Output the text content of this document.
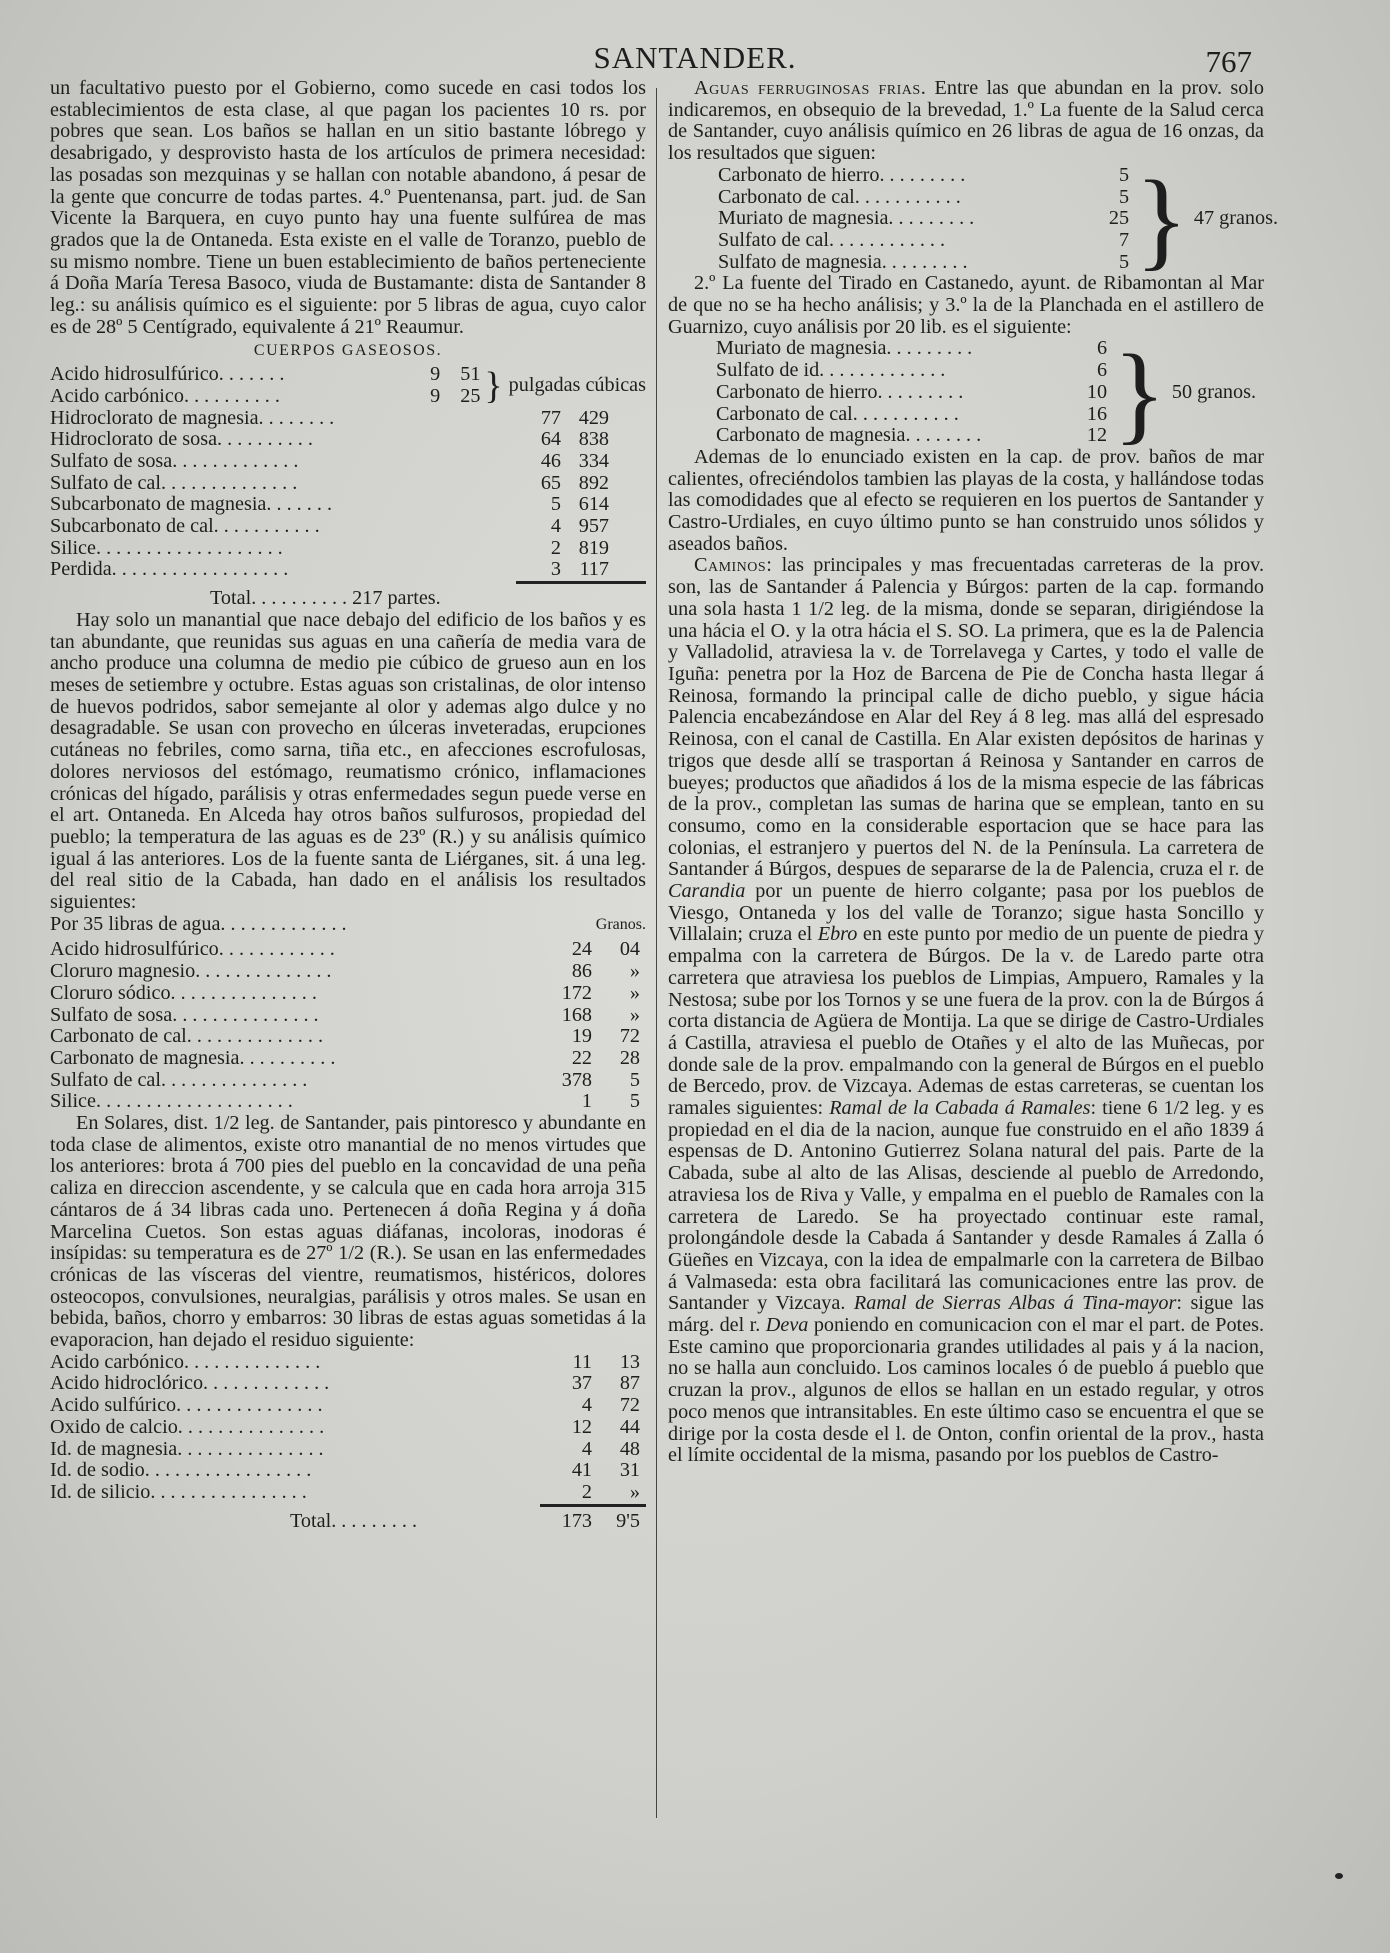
SANTANDER.	767

un facultativo puesto por el Gobierno, como sucede en casi todos los establecimientos de esta clase, al que pagan los pacientes 10 rs. por pobres que sean. Los baños se hallan en un sitio bastante lóbrego y desabrigado, y desprovisto hasta de los artículos de primera necesidad: las posadas son mezquinas y se hallan con notable abandono, á pesar de la gente que concurre de todas partes. 4.º Puentenansa, part. jud. de San Vicente la Barquera, en cuyo punto hay una fuente sulfúrea de mas grados que la de Ontaneda. Esta existe en el valle de Toranzo, pueblo de su mismo nombre. Tiene un buen establecimiento de baños perteneciente á Doña María Teresa Basoco, viuda de Bustamante: dista de Santander 8 leg.: su análisis químico es el siguiente: por 5 libras de agua, cuyo calor es de 28º 5 Centígrado, equivalente á 21º Reaumur.

CUERPOS GASEOSOS.

Acido hidrosulfúrico. . . . . . .	9	51	}	pulgadas cúbicas
Acido carbónico. . . . . . . . . .	9	25		
Hidroclorato de magnesia. . . . . . . .	77	429
Hidroclorato de sosa. . . . . . . . . .	64	838
Sulfato de sosa. . . . . . . . . . . . .	46	334
Sulfato de cal. . . . . . . . . . . . . .	65	892
Subcarbonato de magnesia. . . . . . .	5	614
Subcarbonato de cal. . . . . . . . . . .	4	957
Silice. . . . . . . . . . . . . . . . . . .	2	819
Perdida. . . . . . . . . . . . . . . . . .	3	117

Total. . . . . . . . . . 217 partes.

Hay solo un manantial que nace debajo del edificio de los baños y es tan abundante, que reunidas sus aguas en una cañería de media vara de ancho produce una columna de medio pie cúbico de grueso aun en los meses de setiembre y octubre. Estas aguas son cristalinas, de olor intenso de huevos podridos, sabor semejante al olor y ademas algo dulce y no desagradable. Se usan con provecho en úlceras inveteradas, erupciones cutáneas no febriles, como sarna, tiña etc., en afecciones escrofulosas, dolores nerviosos del estómago, reumatismo crónico, inflamaciones crónicas del hígado, parálisis y otras enfermedades segun puede verse en el art. Ontaneda. En Alceda hay otros baños sulfurosos, propiedad del pueblo; la temperatura de las aguas es de 23º (R.) y su análisis químico igual á las anteriores. Los de la fuente santa de Liérganes, sit. á una leg. del real sitio de la Cabada, han dado en el análisis los resultados siguientes:

Por 35 libras de agua. . . . . . . . . . . . .	Granos.
Acido hidrosulfúrico. . . . . . . . . . . .	24	04
Cloruro magnesio. . . . . . . . . . . . . .	86	»
Cloruro sódico. . . . . . . . . . . . . . .	172	»
Sulfato de sosa. . . . . . . . . . . . . . .	168	»
Carbonato de cal. . . . . . . . . . . . . .	19	72
Carbonato de magnesia. . . . . . . . . .	22	28
Sulfato de cal. . . . . . . . . . . . . . .	378	5
Silice. . . . . . . . . . . . . . . . . . . .	1	5

En Solares, dist. 1/2 leg. de Santander, pais pintoresco y abundante en toda clase de alimentos, existe otro manantial de no menos virtudes que los anteriores: brota á 700 pies del pueblo en la concavidad de una peña caliza en direccion ascendente, y se calcula que en cada hora arroja 315 cántaros de á 34 libras cada uno. Pertenecen á doña Regina y á doña Marcelina Cuetos. Son estas aguas diáfanas, incoloras, inodoras é insípidas: su temperatura es de 27º 1/2 (R.). Se usan en las enfermedades crónicas de las vísceras del vientre, reumatismos, histéricos, dolores osteocopos, convulsiones, neuralgias, parálisis y otros males. Se usan en bebida, baños, chorro y embarros: 30 libras de estas aguas sometidas á la evaporacion, han dejado el residuo siguiente:

Acido carbónico. . . . . . . . . . . . . .	11	13
Acido hidroclórico. . . . . . . . . . . . .	37	87
Acido sulfúrico. . . . . . . . . . . . . . .	4	72
Oxido de calcio. . . . . . . . . . . . . . .	12	44
Id. de magnesia. . . . . . . . . . . . . . .	4	48
Id. de sodio. . . . . . . . . . . . . . . . .	41	31
Id. de silicio. . . . . . . . . . . . . . . .	2	»
Total. . . . . . . . .	173	9'5

Aguas ferruginosas frias. Entre las que abundan en la prov. solo indicaremos, en obsequio de la brevedad, 1.º La fuente de la Salud cerca de Santander, cuyo análisis químico en 26 libras de agua de 16 onzas, da los resultados que siguen:

Carbonato de hierro. . . . . . . . .	5	}	47 granos.
Carbonato de cal. . . . . . . . . . .	5		
Muriato de magnesia. . . . . . . . .	25		
Sulfato de cal. . . . . . . . . . . .	7		
Sulfato de magnesia. . . . . . . . .	5		

2.º La fuente del Tirado en Castanedo, ayunt. de Ribamontan al Mar de que no se ha hecho análisis; y 3.º la de la Planchada en el astillero de Guarnizo, cuyo análisis por 20 lib. es el siguiente:

Muriato de magnesia. . . . . . . . .	6	}	50 granos.
Sulfato de id. . . . . . . . . . . . .	6		
Carbonato de hierro. . . . . . . . .	10		
Carbonato de cal. . . . . . . . . . .	16		
Carbonato de magnesia. . . . . . . .	12		

Ademas de lo enunciado existen en la cap. de prov. baños de mar calientes, ofreciéndolos tambien las playas de la costa, y hallándose todas las comodidades que al efecto se requieren en los puertos de Santander y Castro-Urdiales, en cuyo último punto se han construido unos sólidos y aseados baños.

Caminos: las principales y mas frecuentadas carreteras de la prov. son, las de Santander á Palencia y Búrgos: parten de la cap. formando una sola hasta 1 1/2 leg. de la misma, donde se separan, dirigiéndose la una hácia el O. y la otra hácia el S. SO. La primera, que es la de Palencia y Valladolid, atraviesa la v. de Torrelavega y Cartes, y todo el valle de Iguña: penetra por la Hoz de Barcena de Pie de Concha hasta llegar á Reinosa, formando la principal calle de dicho pueblo, y sigue hácia Palencia encabezándose en Alar del Rey á 8 leg. mas allá del espresado Reinosa, con el canal de Castilla. En Alar existen depósitos de harinas y trigos que desde allí se trasportan á Reinosa y Santander en carros de bueyes; productos que añadidos á los de la misma especie de las fábricas de la prov., completan las sumas de harina que se emplean, tanto en su consumo, como en la considerable esportacion que se hace para las colonias, el estranjero y puertos del N. de la Península. La carretera de Santander á Búrgos, despues de separarse de la de Palencia, cruza el r. de Carandia por un puente de hierro colgante; pasa por los pueblos de Viesgo, Ontaneda y los del valle de Toranzo; sigue hasta Soncillo y Villalain; cruza el Ebro en este punto por medio de un puente de piedra y empalma con la carretera de Búrgos. De la v. de Laredo parte otra carretera que atraviesa los pueblos de Limpias, Ampuero, Ramales y la Nestosa; sube por los Tornos y se une fuera de la prov. con la de Búrgos á corta distancia de Agüera de Montija. La que se dirige de Castro-Urdiales á Castilla, atraviesa el pueblo de Otañes y el alto de las Muñecas, por donde sale de la prov. empalmando con la general de Búrgos en el pueblo de Bercedo, prov. de Vizcaya. Ademas de estas carreteras, se cuentan los ramales siguientes: Ramal de la Cabada á Ramales: tiene 6 1/2 leg. y es propiedad en el dia de la nacion, aunque fue construido en el año 1839 á espensas de D. Antonino Gutierrez Solana natural del pais. Parte de la Cabada, sube al alto de las Alisas, desciende al pueblo de Arredondo, atraviesa los de Riva y Valle, y empalma en el pueblo de Ramales con la carretera de Laredo. Se ha proyectado continuar este ramal, prolongándole desde la Cabada á Santander y desde Ramales á Zalla ó Güeñes en Vizcaya, con la idea de empalmarle con la carretera de Bilbao á Valmaseda: esta obra facilitará las comunicaciones entre las prov. de Santander y Vizcaya. Ramal de Sierras Albas á Tina-mayor: sigue las márg. del r. Deva poniendo en comunicacion con el mar el part. de Potes. Este camino que proporcionaria grandes utilidades al pais y á la nacion, no se halla aun concluido. Los caminos locales ó de pueblo á pueblo que cruzan la prov., algunos de ellos se hallan en un estado regular, y otros poco menos que intransitables. En este último caso se encuentra el que se dirige por la costa desde el l. de Onton, confin oriental de la prov., hasta el límite occidental de la misma, pasando por los pueblos de Castro-
